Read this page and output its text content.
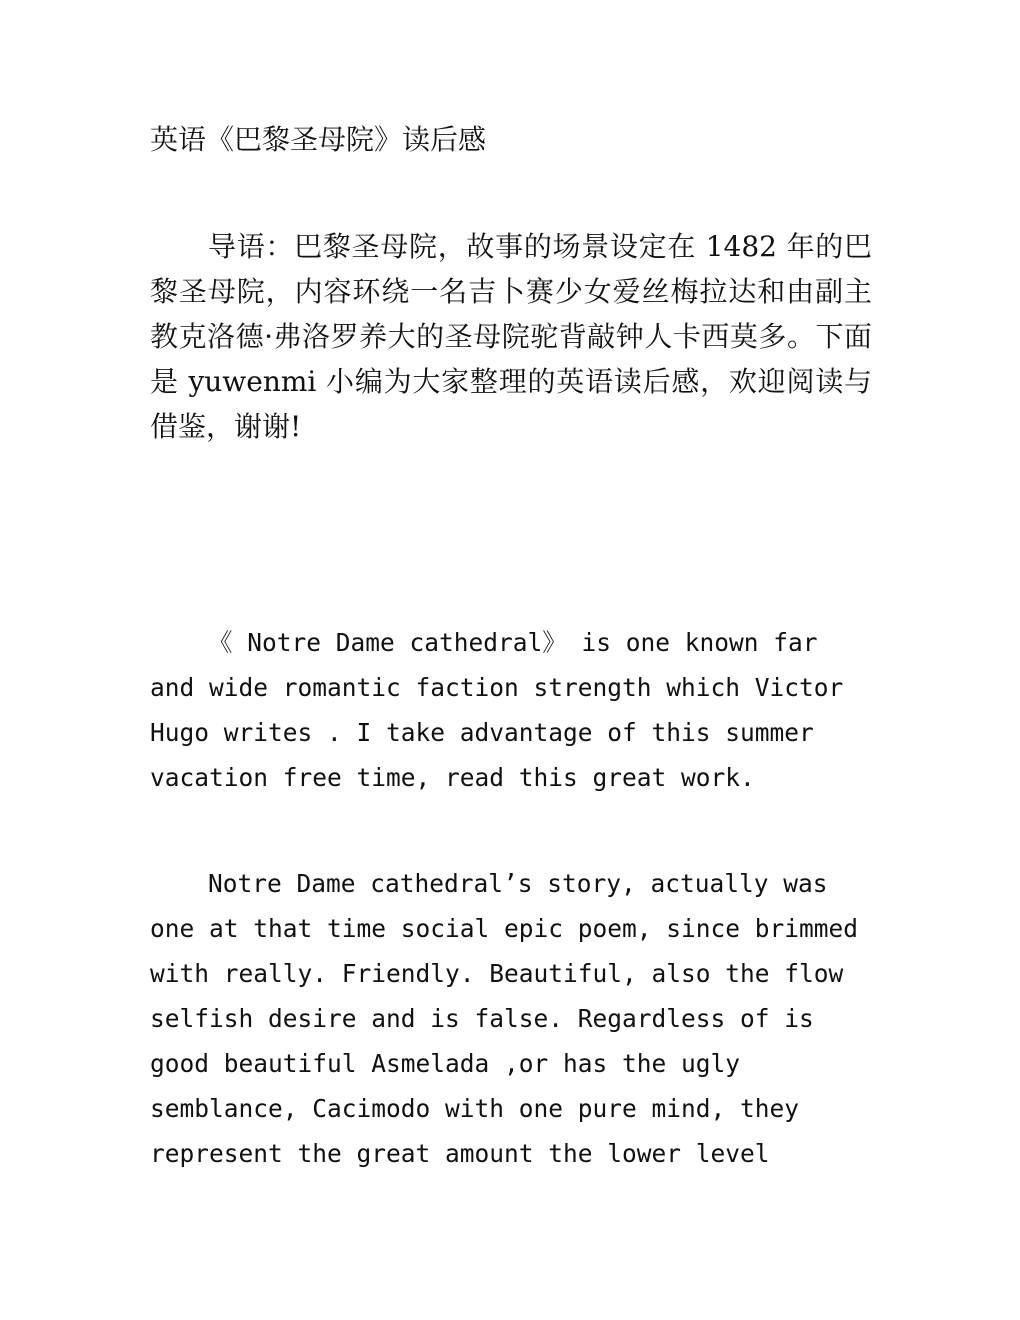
英语《巴黎圣母院》读后感

导语：巴黎圣母院，故事的场景设定在 1482 年的巴黎圣母院，内容环绕一名吉卜赛少女爱丝梅拉达和由副主教克洛德·弗洛罗养大的圣母院驼背敲钟人卡西莫多。下面是 yuwenmi 小编为大家整理的英语读后感，欢迎阅读与借鉴，谢谢!

《 Notre Dame cathedral》 is one known far
and wide romantic faction strength which Victor
Hugo writes . I take advantage of this summer
vacation free time, read this great work.

Notre Dame cathedral’s story, actually was
one at that time social epic poem, since brimmed
with really. Friendly. Beautiful, also the flow
selfish desire and is false. Regardless of is
good beautiful Asmelada ,or has the ugly
semblance, Cacimodo with one pure mind, they
represent the great amount the lower level
